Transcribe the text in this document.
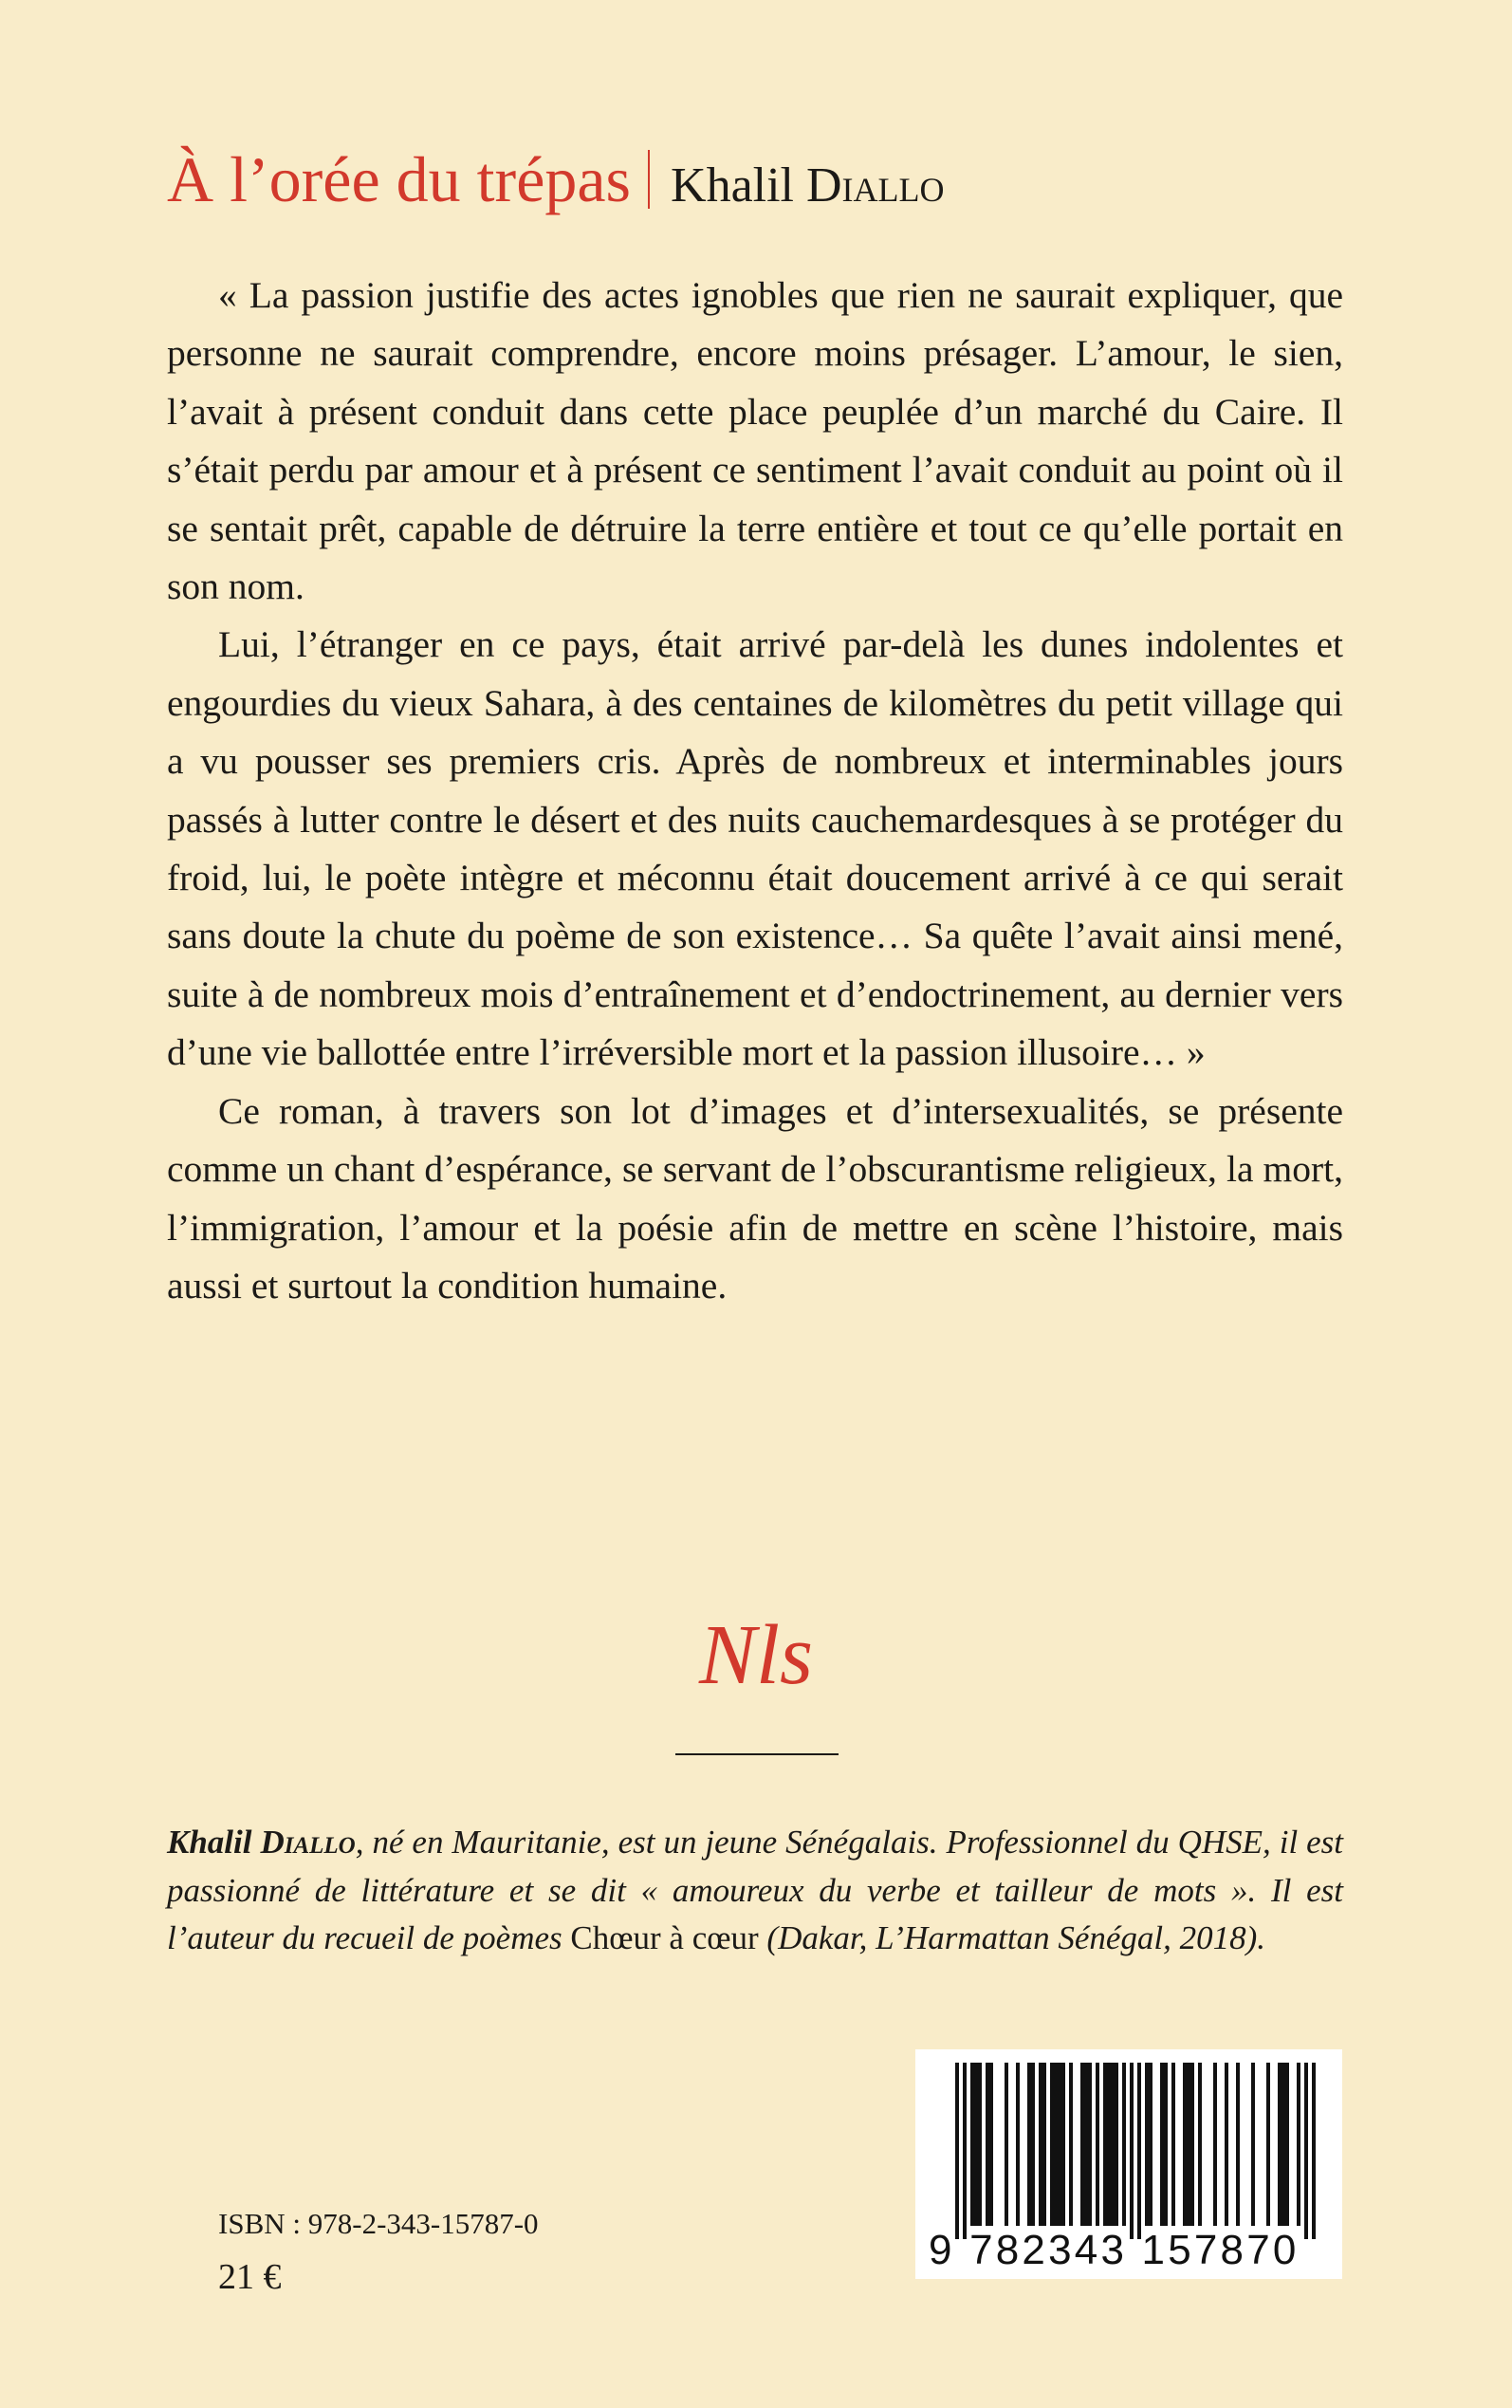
À l’orée du trépas Khalil Diallo

« La passion justifie des actes ignobles que rien ne saurait expliquer, que personne ne saurait comprendre, encore moins présager. L’amour, le sien, l’avait à présent conduit dans cette place peuplée d’un marché du Caire. Il s’était perdu par amour et à présent ce sentiment l’avait conduit au point où il se sentait prêt, capable de détruire la terre entière et tout ce qu’elle portait en son nom.

Lui, l’étranger en ce pays, était arrivé par-delà les dunes indolentes et engourdies du vieux Sahara, à des centaines de kilomètres du petit village qui a vu pousser ses premiers cris. Après de nombreux et interminables jours passés à lutter contre le désert et des nuits cauchemardesques à se protéger du froid, lui, le poète intègre et méconnu était doucement arrivé à ce qui serait sans doute la chute du poème de son existence… Sa quête l’avait ainsi mené, suite à de nombreux mois d’entraînement et d’endoctrinement, au dernier vers d’une vie ballottée entre l’irréversible mort et la passion illusoire… »

Ce roman, à travers son lot d’images et d’intersexualités, se présente comme un chant d’espérance, se servant de l’obscurantisme religieux, la mort, l’immigration, l’amour et la poésie afin de mettre en scène l’histoire, mais aussi et surtout la condition humaine.

Nls
Khalil Diallo, né en Mauritanie, est un jeune Sénégalais. Professionnel du QHSE, il est passionné de littérature et se dit « amoureux du verbe et tailleur de mots ». Il est l’auteur du recueil de poèmes Chœur à cœur (Dakar, L’Harmattan Sénégal, 2018).
9 782343 157870
ISBN : 978-2-343-15787-0
21 €
